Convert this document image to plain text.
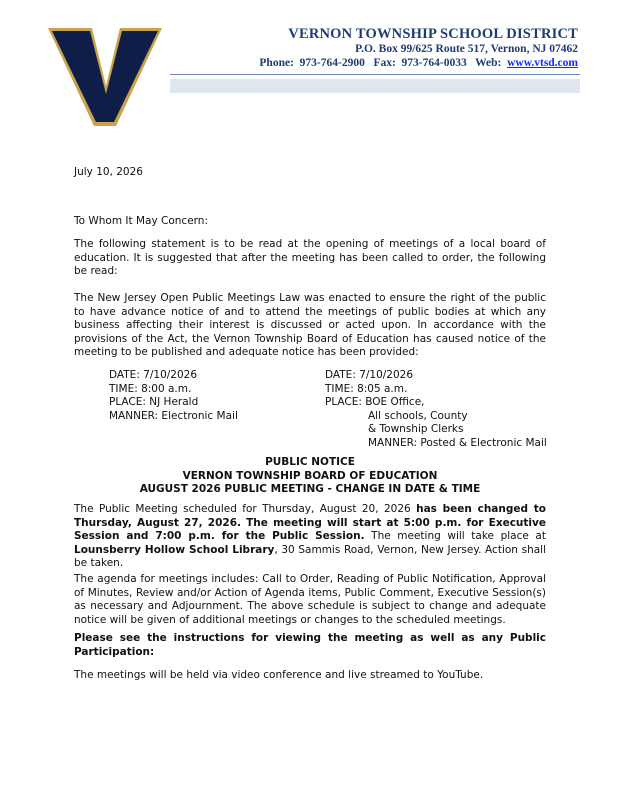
VERNON TOWNSHIP SCHOOL DISTRICT
P.O. Box 99/625 Route 517, Vernon, NJ 07462
Phone:  973-764-2900   Fax:  973-764-0033   Web:  www.vtsd.com
July 10, 2026
To Whom It May Concern:
The following statement is to be read at the opening of meetings of a local board of education. It is suggested that after the meeting has been called to order, the following be read:
The New Jersey Open Public Meetings Law was enacted to ensure the right of the public to have advance notice of and to attend the meetings of public bodies at which any business affecting their interest is discussed or acted upon. In accordance with the provisions of the Act, the Vernon Township Board of Education has caused notice of the meeting to be published and adequate notice has been provided:
DATE: 7/10/2026
TIME: 8:00 a.m.
PLACE: NJ Herald
MANNER: Electronic Mail
DATE: 7/10/2026
TIME: 8:05 a.m.
PLACE: BOE Office,
All schools, County
& Township Clerks
MANNER: Posted & Electronic Mail
PUBLIC NOTICE
VERNON TOWNSHIP BOARD OF EDUCATION
AUGUST 2026 PUBLIC MEETING - CHANGE IN DATE & TIME
The Public Meeting scheduled for Thursday, August 20, 2026 has been changed to Thursday, August 27, 2026. The meeting will start at 5:00 p.m. for Executive Session and 7:00 p.m. for the Public Session. The meeting will take place at Lounsberry Hollow School Library, 30 Sammis Road, Vernon, New Jersey. Action shall be taken.
The agenda for meetings includes: Call to Order, Reading of Public Notification, Approval of Minutes, Review and/or Action of Agenda items, Public Comment, Executive Session(s) as necessary and Adjournment. The above schedule is subject to change and adequate notice will be given of additional meetings or changes to the scheduled meetings.
Please see the instructions for viewing the meeting as well as any Public Participation:
The meetings will be held via video conference and live streamed to YouTube.
